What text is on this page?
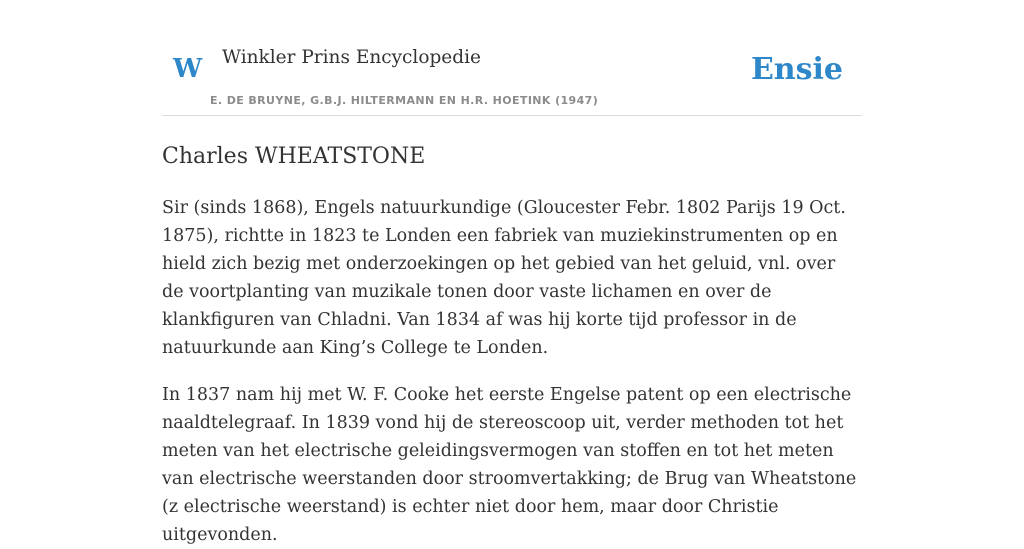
W Winkler Prins Encyclopedie
E. DE BRUYNE, G.B.J. HILTERMANN EN H.R. HOETINK (1947)
Ensie
Charles WHEATSTONE

Sir (sinds 1868), Engels natuurkundige (Gloucester Febr. 1802 Parijs 19 Oct. 1875), richtte in 1823 te Londen een fabriek van muziekinstrumenten op en hield zich bezig met onderzoekingen op het gebied van het geluid, vnl. over de voortplanting van muzikale tonen door vaste lichamen en over de klankfiguren van Chladni. Van 1834 af was hij korte tijd professor in de natuurkunde aan King’s College te Londen.

In 1837 nam hij met W. F. Cooke het eerste Engelse patent op een electrische naaldtelegraaf. In 1839 vond hij de stereoscoop uit, verder methoden tot het meten van het electrische geleidingsvermogen van stoffen en tot het meten van electrische weerstanden door stroomvertakking; de Brug van Wheatstone (z electrische weerstand) is echter niet door hem, maar door Christie uitgevonden.
